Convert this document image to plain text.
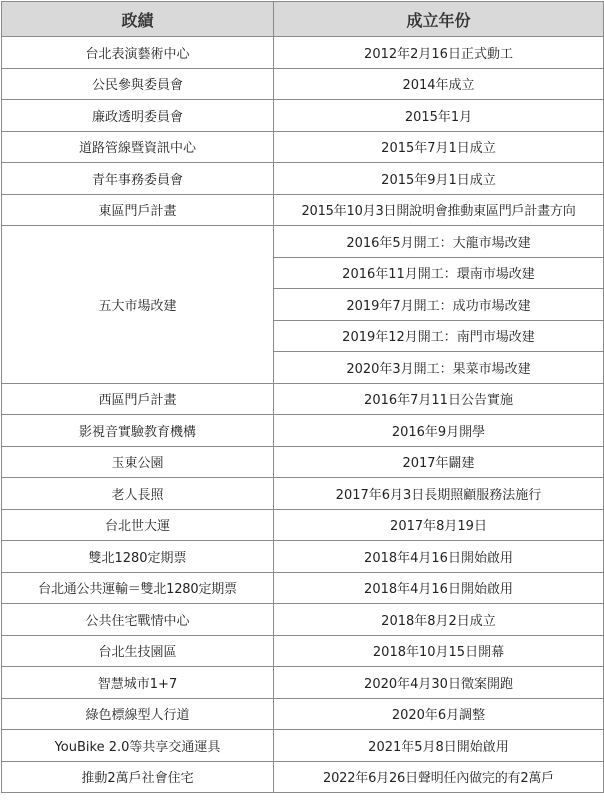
政績	成立年份
台北表演藝術中心	2012年2月16日正式動工
公民參與委員會	2014年成立
廉政透明委員會	2015年1月
道路管線暨資訊中心	2015年7月1日成立
青年事務委員會	2015年9月1日成立
東區門戶計畫	2015年10月3日開說明會推動東區門戶計畫方向
五大市場改建	2016年5月開工：大龍市場改建
	2016年11月開工：環南市場改建
	2019年7月開工：成功市場改建
	2019年12月開工：南門市場改建
	2020年3月開工：果菜市場改建
西區門戶計畫	2016年7月11日公告實施
影視音實驗教育機構	2016年9月開學
玉東公園	2017年闢建
老人長照	2017年6月3日長期照顧服務法施行
台北世大運	2017年8月19日
雙北1280定期票	2018年4月16日開始啟用
台北通公共運輸＝雙北1280定期票	2018年4月16日開始啟用
公共住宅戰情中心	2018年8月2日成立
台北生技園區	2018年10月15日開幕
智慧城市1+7	2020年4月30日徵案開跑
綠色標線型人行道	2020年6月調整
YouBike 2.0等共享交通運具	2021年5月8日開始啟用
推動2萬戶社會住宅	2022年6月26日聲明任內做完的有2萬戶
